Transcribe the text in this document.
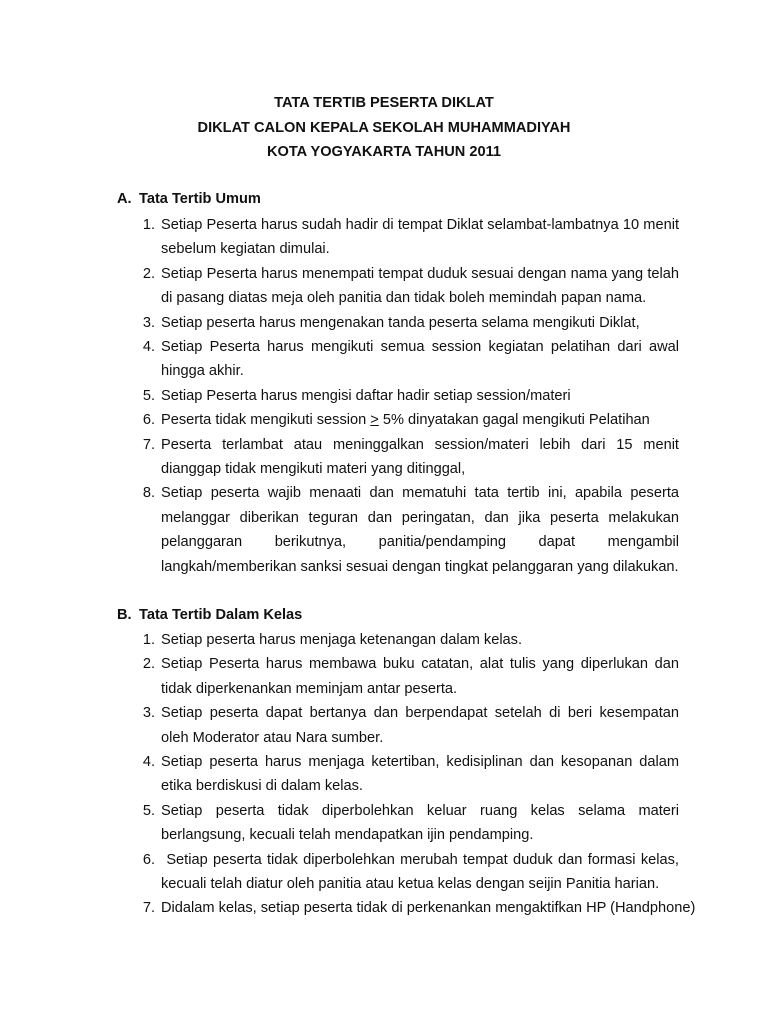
TATA TERTIB PESERTA DIKLAT
DIKLAT CALON KEPALA SEKOLAH MUHAMMADIYAH
KOTA YOGYAKARTA TAHUN 2011
A. Tata Tertib Umum
1. Setiap Peserta harus sudah hadir di tempat Diklat selambat-lambatnya 10 menit sebelum kegiatan dimulai.
2. Setiap Peserta harus menempati tempat duduk sesuai dengan nama yang telah di pasang diatas meja oleh panitia dan tidak boleh memindah papan nama.
3. Setiap peserta harus mengenakan tanda peserta selama mengikuti Diklat,
4. Setiap Peserta harus mengikuti semua session kegiatan pelatihan dari awal hingga akhir.
5. Setiap Peserta harus mengisi daftar hadir setiap session/materi
6. Peserta tidak mengikuti session ≥ 5% dinyatakan gagal mengikuti Pelatihan
7. Peserta terlambat atau meninggalkan session/materi lebih dari 15 menit dianggap tidak mengikuti materi yang ditinggal,
8. Setiap peserta wajib menaati dan mematuhi tata tertib ini, apabila peserta melanggar diberikan teguran dan peringatan, dan jika peserta melakukan pelanggaran berikutnya, panitia/pendamping dapat mengambil langkah/memberikan sanksi sesuai dengan tingkat pelanggaran yang dilakukan.
B. Tata Tertib Dalam Kelas
1. Setiap peserta harus menjaga ketenangan dalam kelas.
2. Setiap Peserta harus membawa buku catatan, alat tulis yang diperlukan dan tidak diperkenankan meminjam antar peserta.
3. Setiap peserta dapat bertanya dan berpendapat setelah di beri kesempatan oleh Moderator atau Nara sumber.
4. Setiap peserta harus menjaga ketertiban, kedisiplinan dan kesopanan dalam etika berdiskusi di dalam kelas.
5. Setiap peserta tidak diperbolehkan keluar ruang kelas selama materi berlangsung, kecuali telah mendapatkan ijin pendamping.
6. Setiap peserta tidak diperbolehkan merubah tempat duduk dan formasi kelas, kecuali telah diatur oleh panitia atau ketua kelas dengan seijin Panitia harian.
7. Didalam kelas, setiap peserta tidak di perkenankan mengaktifkan HP (Handphone)
